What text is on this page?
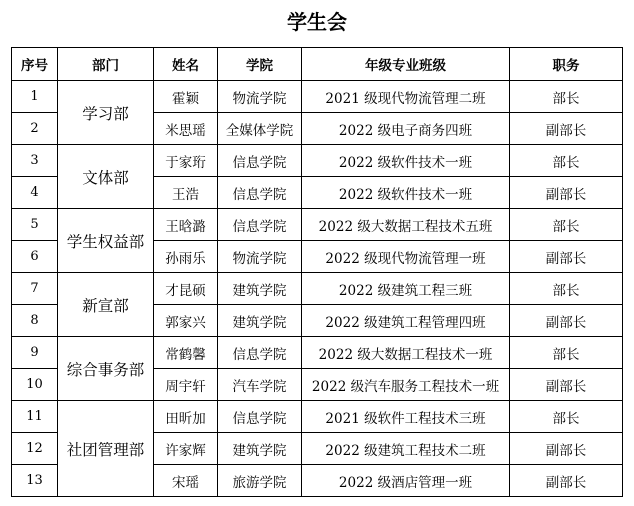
学生会
序号	部门	姓名	学院	年级专业班级	职务
1	学习部	霍颖	物流学院	2021 级现代物流管理二班	部长
2		米思瑶	全媒体学院	2022 级电子商务四班	副部长
3	文体部	于家珩	信息学院	2022 级软件技术一班	部长
4		王浩	信息学院	2022 级软件技术一班	副部长
5	学生权益部	王晗潞	信息学院	2022 级大数据工程技术五班	部长
6		孙雨乐	物流学院	2022 级现代物流管理一班	副部长
7	新宣部	才昆硕	建筑学院	2022 级建筑工程三班	部长
8		郭家兴	建筑学院	2022 级建筑工程管理四班	副部长
9	综合事务部	常鹤馨	信息学院	2022 级大数据工程技术一班	部长
10		周宇轩	汽车学院	2022 级汽车服务工程技术一班	副部长
11	社团管理部	田昕加	信息学院	2021 级软件工程技术三班	部长
12		许家辉	建筑学院	2022 级建筑工程技术二班	副部长
13		宋瑶	旅游学院	2022 级酒店管理一班	副部长
